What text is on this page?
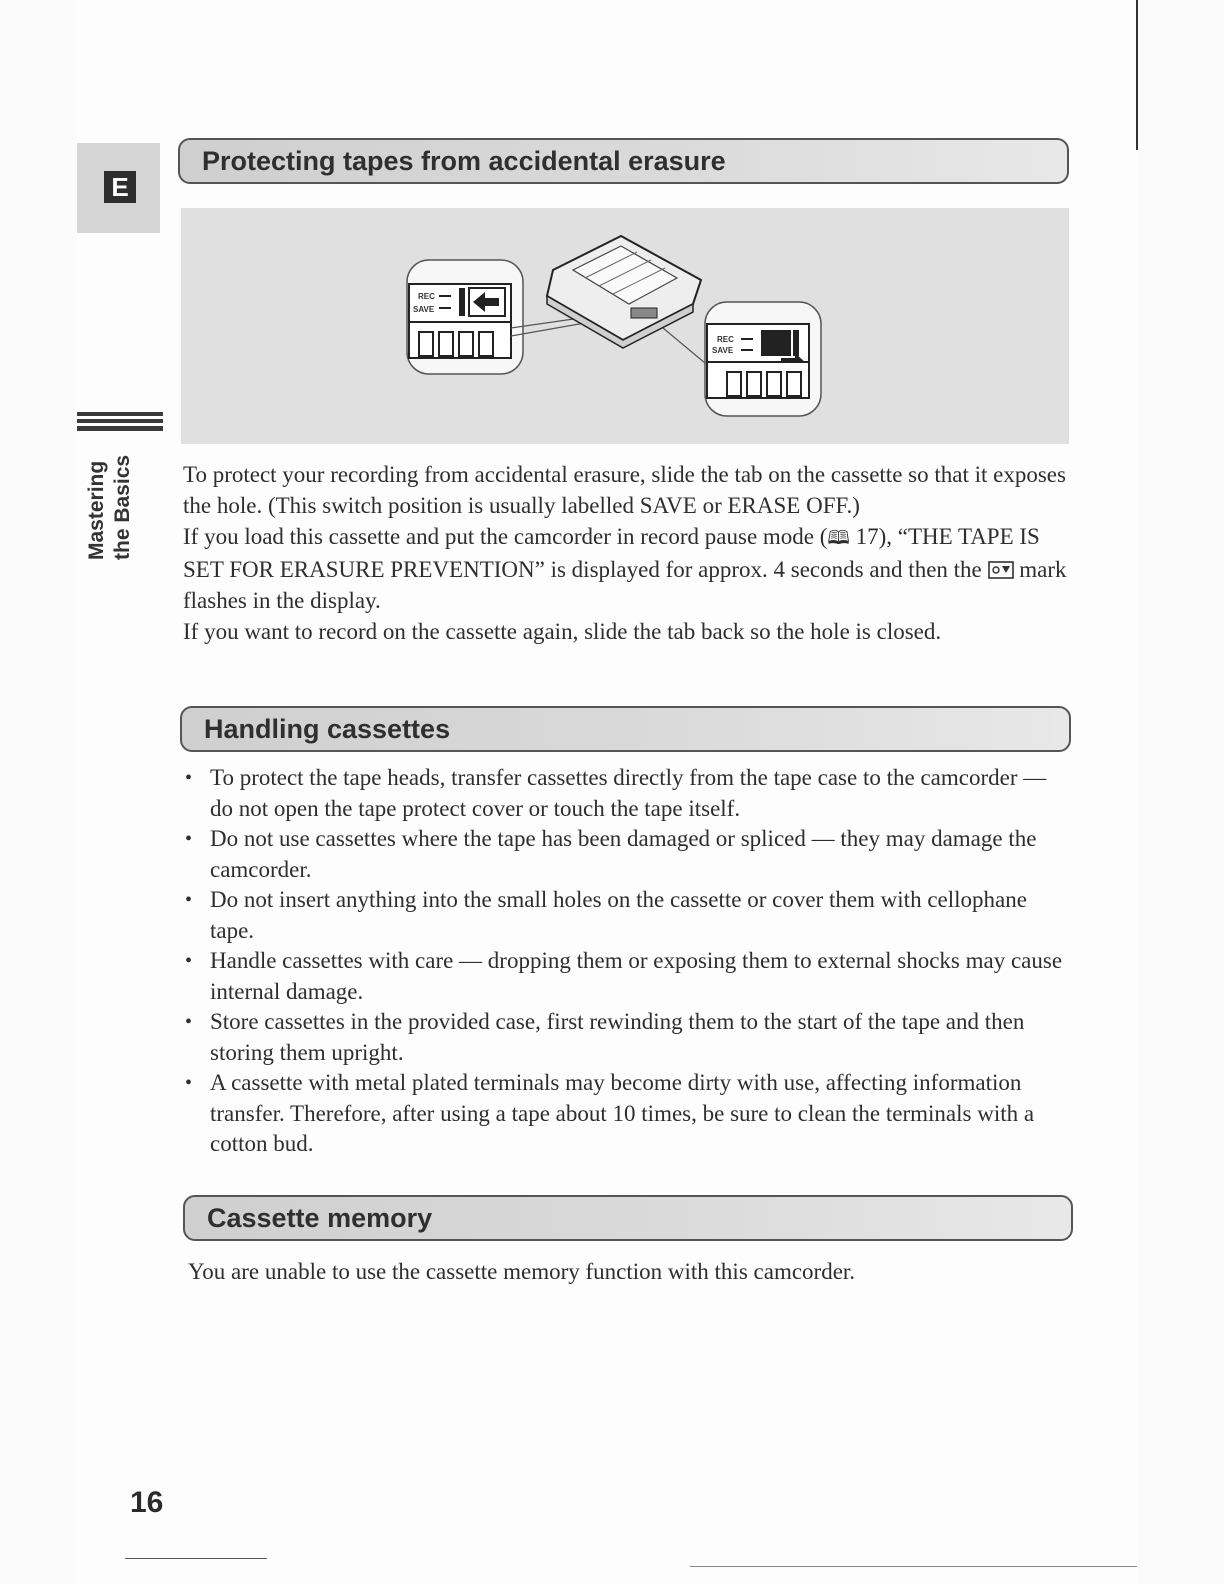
E
Mastering the Basics
Protecting tapes from accidental erasure
REC
SAVE
REC
SAVE

To protect your recording from accidental erasure, slide the tab on the cassette so that it exposes the hole. (This switch position is usually labelled SAVE or ERASE OFF.)

If you load this cassette and put the camcorder in record pause mode (🕮 17), “THE TAPE IS SET FOR ERASURE PREVENTION” is displayed for approx. 4 seconds and then the mark flashes in the display.

If you want to record on the cassette again, slide the tab back so the hole is closed.

Handling cassettes
• To protect the tape heads, transfer cassettes directly from the tape case to the camcorder — do not open the tape protect cover or touch the tape itself.
• Do not use cassettes where the tape has been damaged or spliced — they may damage the camcorder.
• Do not insert anything into the small holes on the cassette or cover them with cellophane tape.
• Handle cassettes with care — dropping them or exposing them to external shocks may cause internal damage.
• Store cassettes in the provided case, first rewinding them to the start of the tape and then storing them upright.
• A cassette with metal plated terminals may become dirty with use, affecting information transfer. Therefore, after using a tape about 10 times, be sure to clean the terminals with a cotton bud.
Cassette memory

You are unable to use the cassette memory function with this camcorder.

16
